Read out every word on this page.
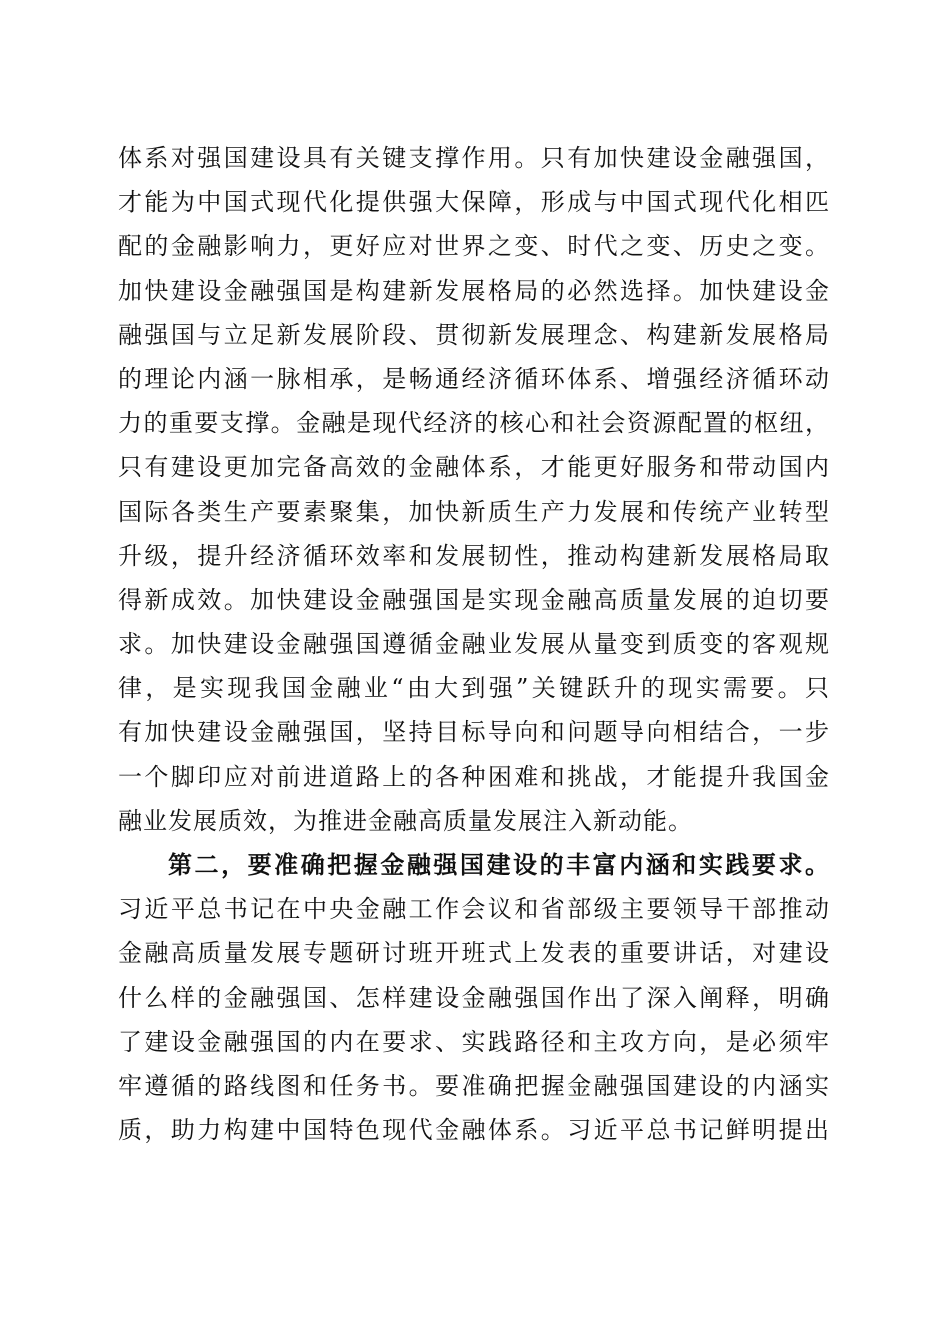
体系对强国建设具有关键支撑作用。只有加快建设金融强国，
才能为中国式现代化提供强大保障，形成与中国式现代化相匹
配的金融影响力，更好应对世界之变、时代之变、历史之变。
加快建设金融强国是构建新发展格局的必然选择。加快建设金
融强国与立足新发展阶段、贯彻新发展理念、构建新发展格局
的理论内涵一脉相承，是畅通经济循环体系、增强经济循环动
力的重要支撑。金融是现代经济的核心和社会资源配置的枢纽，
只有建设更加完备高效的金融体系，才能更好服务和带动国内
国际各类生产要素聚集，加快新质生产力发展和传统产业转型
升级，提升经济循环效率和发展韧性，推动构建新发展格局取
得新成效。加快建设金融强国是实现金融高质量发展的迫切要
求。加快建设金融强国遵循金融业发展从量变到质变的客观规
律，是实现我国金融业“由大到强”关键跃升的现实需要。只
有加快建设金融强国，坚持目标导向和问题导向相结合，一步
一个脚印应对前进道路上的各种困难和挑战，才能提升我国金
融业发展质效，为推进金融高质量发展注入新动能。
第二，要准确把握金融强国建设的丰富内涵和实践要求。
习近平总书记在中央金融工作会议和省部级主要领导干部推动
金融高质量发展专题研讨班开班式上发表的重要讲话，对建设
什么样的金融强国、怎样建设金融强国作出了深入阐释，明确
了建设金融强国的内在要求、实践路径和主攻方向，是必须牢
牢遵循的路线图和任务书。要准确把握金融强国建设的内涵实
质，助力构建中国特色现代金融体系。习近平总书记鲜明提出
